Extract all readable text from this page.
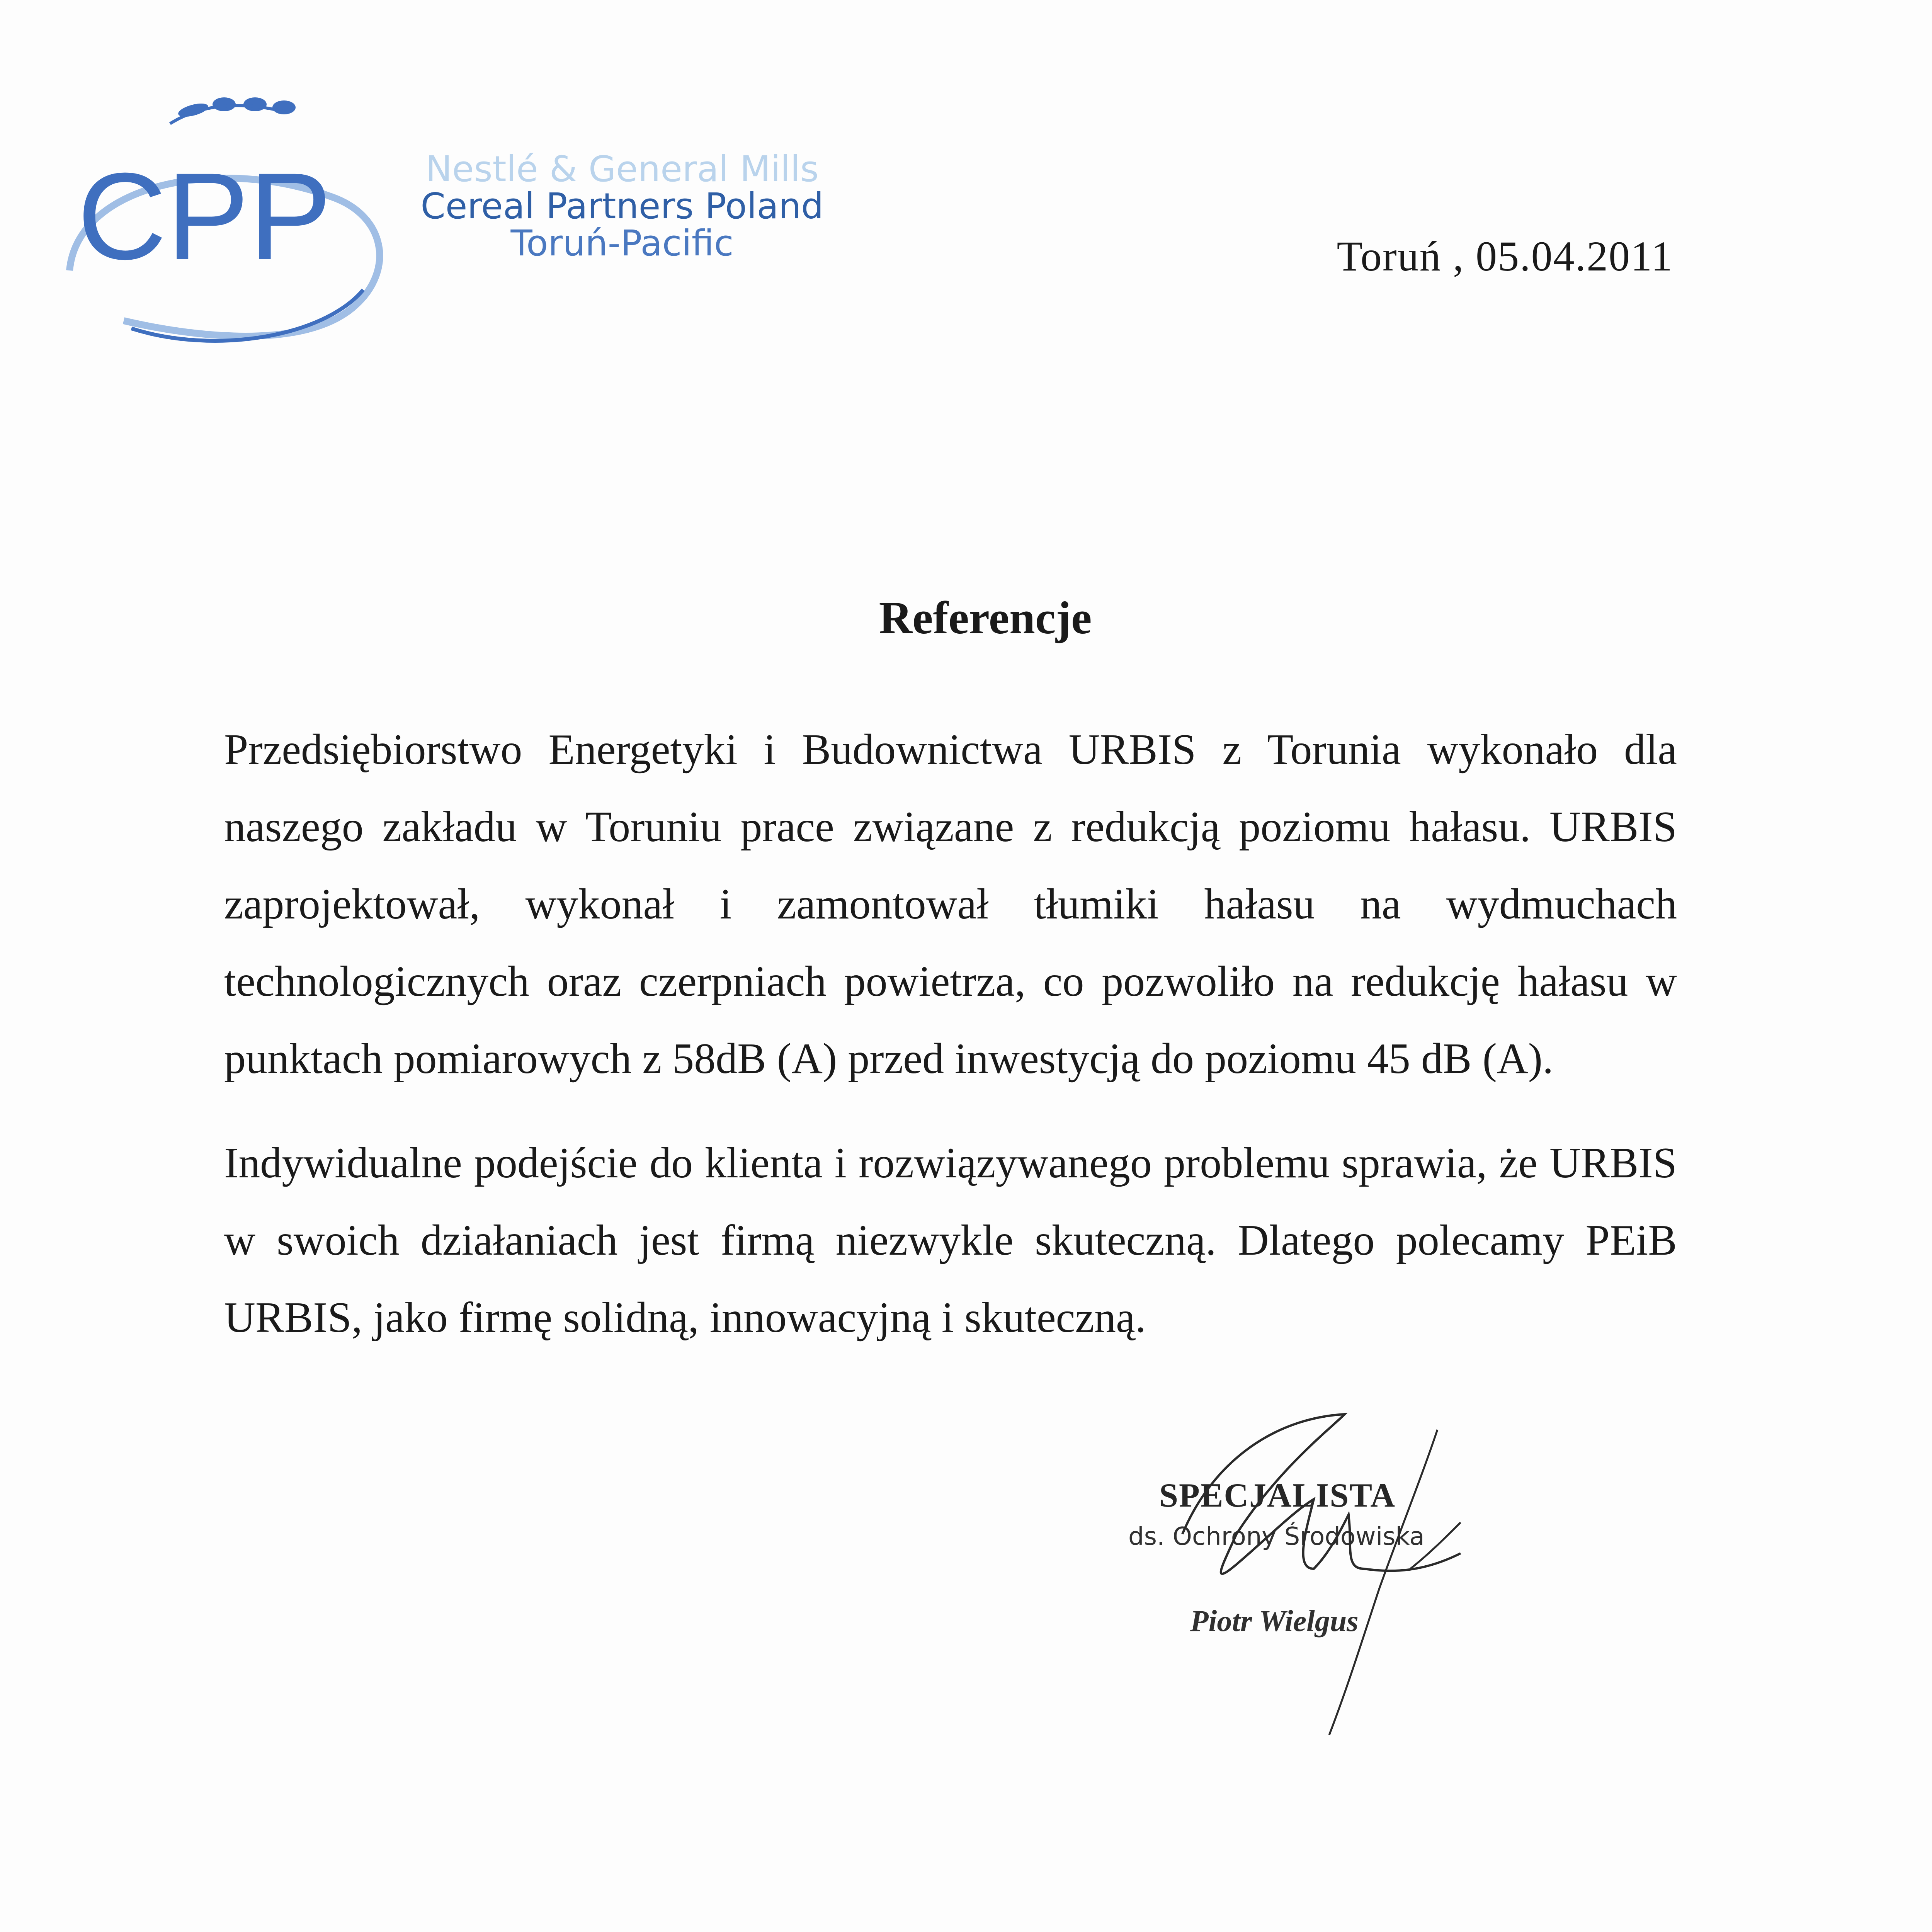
CPP	Nestlé & General Mills
Cereal Partners Poland
Toruń-Pacific	Toruń , 05.04.2011
Referencje

Przedsiębiorstwo Energetyki i Budownictwa URBIS z Torunia wykonało dla naszego zakładu w Toruniu prace związane z redukcją poziomu hałasu. URBIS zaprojektował, wykonał i zamontował tłumiki hałasu na wydmuchach technologicznych oraz czerpniach powietrza, co pozwoliło na redukcję hałasu w punktach pomiarowych z 58dB (A) przed inwestycją do poziomu 45 dB (A).

Indywidualne podejście do klienta i rozwiązywanego problemu sprawia, że URBIS w swoich działaniach jest firmą niezwykle skuteczną. Dlatego polecamy PEiB URBIS, jako firmę solidną, innowacyjną i skuteczną.

SPECJALISTA
ds. Ochrony Środowiska
Piotr Wielgus
